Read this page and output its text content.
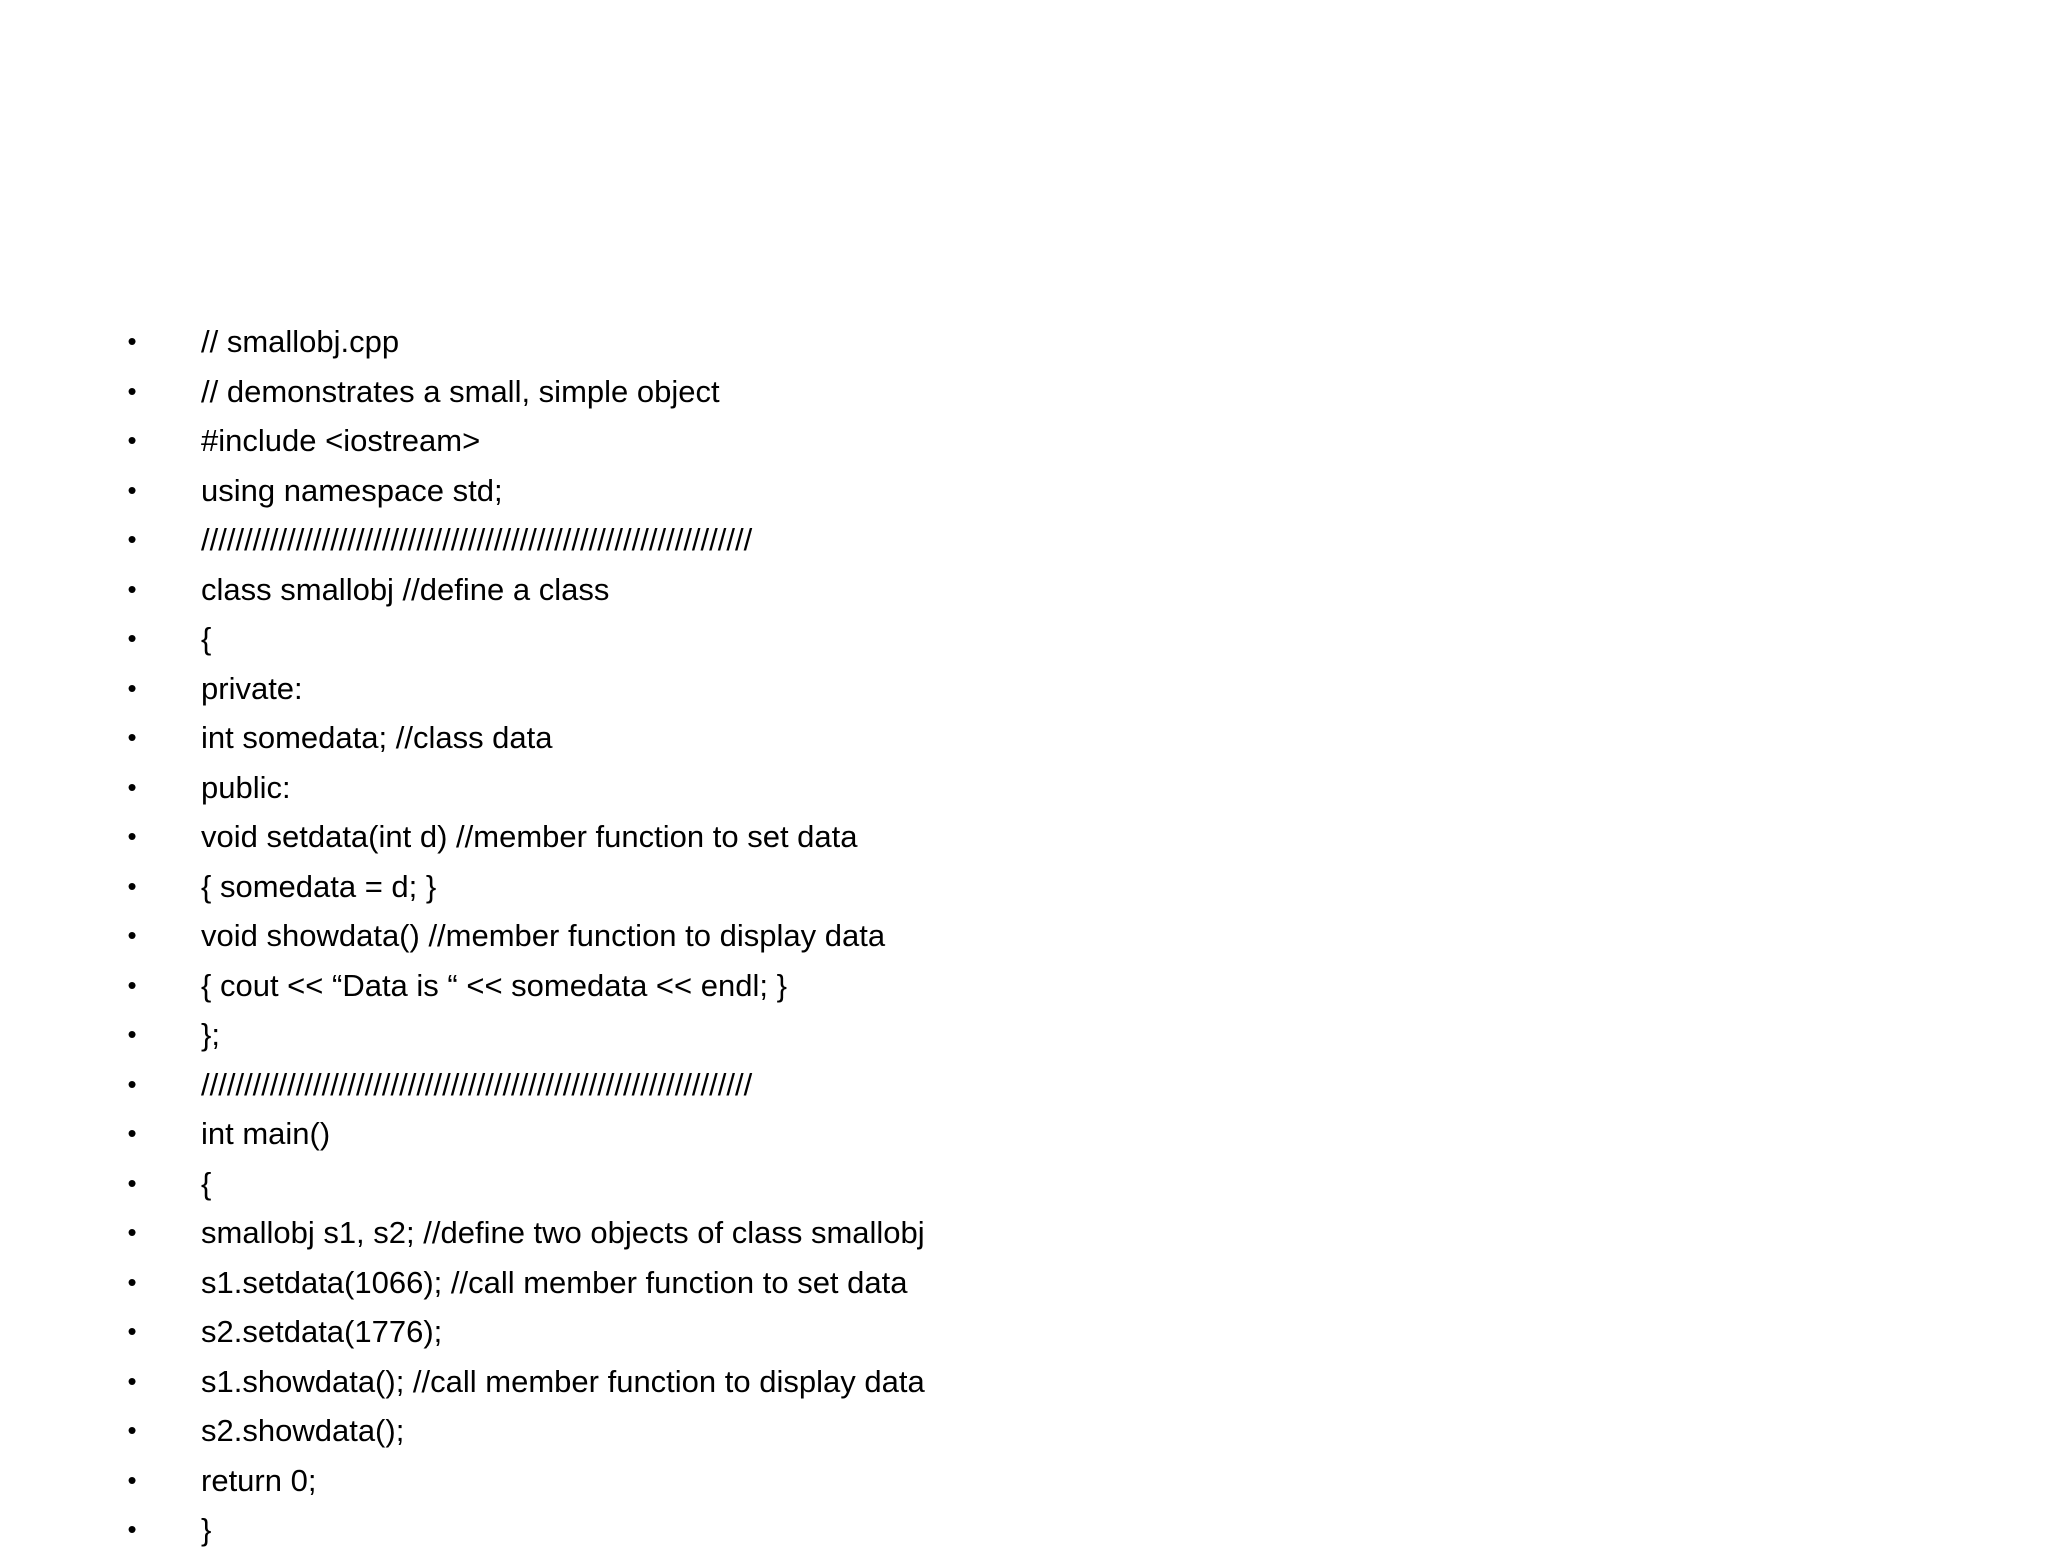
• // smallobj.cpp
• // demonstrates a small, simple object
• #include <iostream>
• using namespace std;
• ////////////////////////////////////////////////////////////////
• class smallobj //define a class
• {
• private:
• int somedata; //class data
• public:
• void setdata(int d) //member function to set data
• { somedata = d; }
• void showdata() //member function to display data
• { cout << “Data is “ << somedata << endl; }
• };
• ////////////////////////////////////////////////////////////////
• int main()
• {
• smallobj s1, s2; //define two objects of class smallobj
• s1.setdata(1066); //call member function to set data
• s2.setdata(1776);
• s1.showdata(); //call member function to display data
• s2.showdata();
• return 0;
• }
